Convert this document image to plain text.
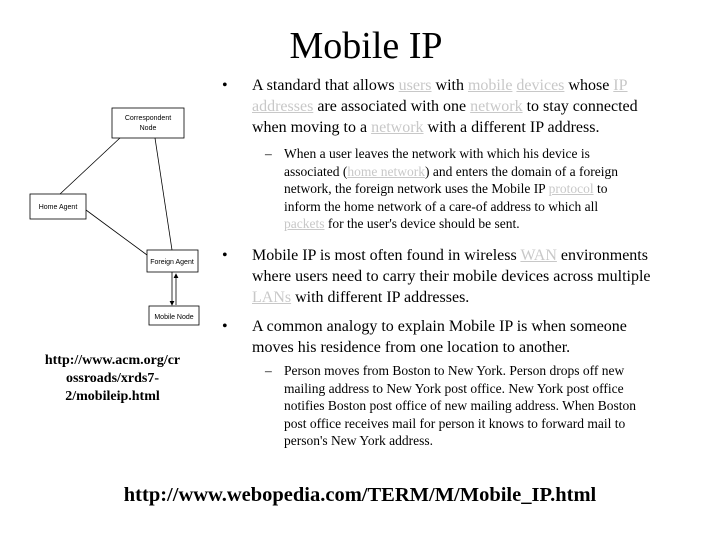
Mobile IP
Correspondent
Node
Home Agent
Foreign Agent
Mobile Node
• A standard that allows users with mobile devices whose IP
addresses are associated with one network to stay connected
when moving to a network with a different IP address.
– When a user leaves the network with which his device is
associated (home network) and enters the domain of a foreign
network, the foreign network uses the Mobile IP protocol to
inform the home network of a care-of address to which all
packets for the user's device should be sent.
• Mobile IP is most often found in wireless WAN environments
where users need to carry their mobile devices across multiple
LANs with different IP addresses.
• A common analogy to explain Mobile IP is when someone
moves his residence from one location to another.
– Person moves from Boston to New York. Person drops off new
mailing address to New York post office. New York post office
notifies Boston post office of new mailing address. When Boston
post office receives mail for person it knows to forward mail to
person's New York address.
http://www.acm.org/cr
ossroads/xrds7-
2/mobileip.html
http://www.webopedia.com/TERM/M/Mobile_IP.html
